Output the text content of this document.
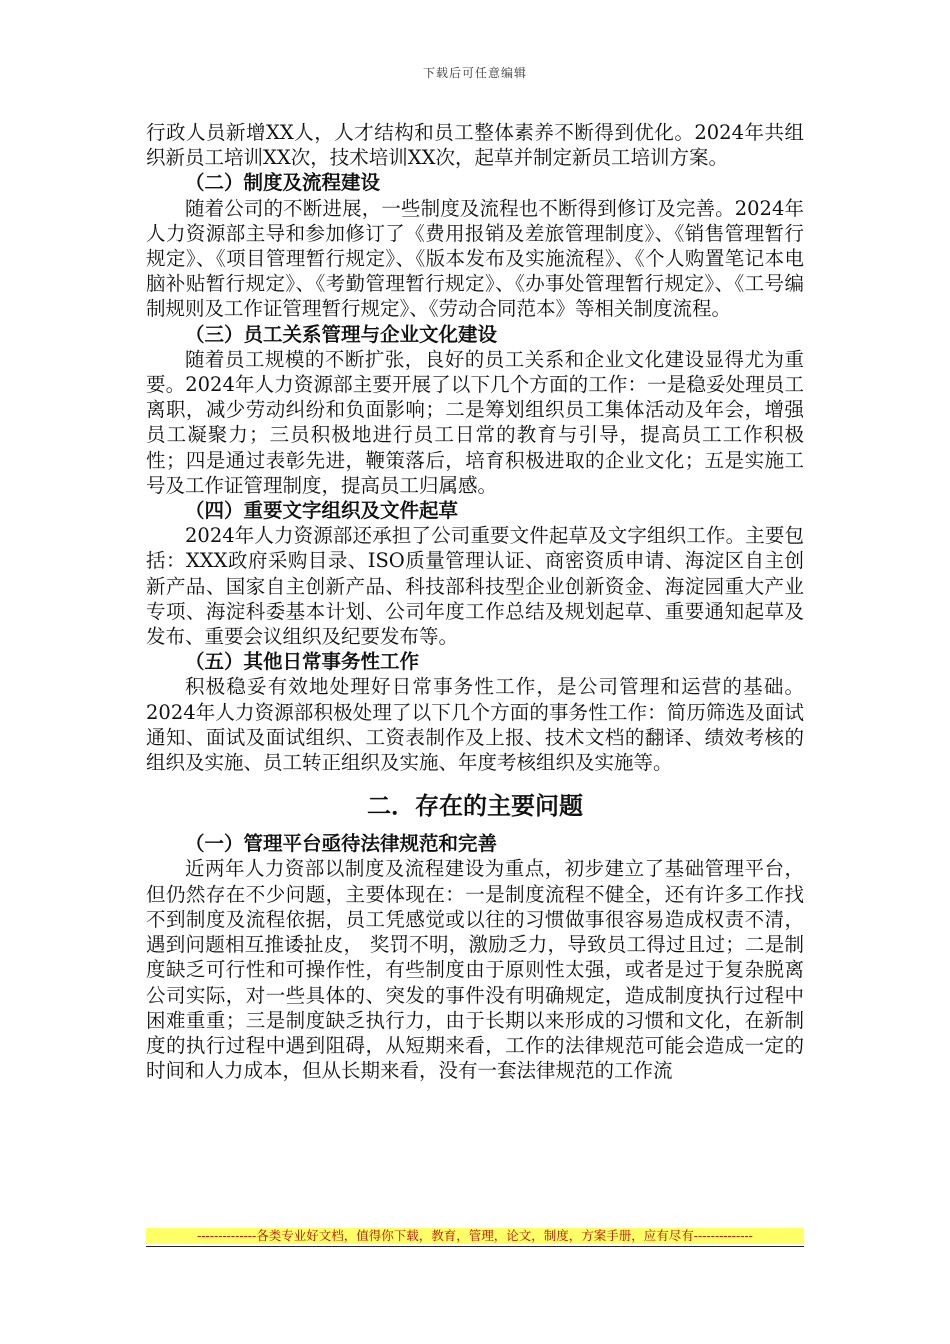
下载后可任意编辑

行政人员新增XX人，人才结构和员工整体素养不断得到优化。2024年共组织新员工培训XX次，技术培训XX次，起草并制定新员工培训方案。

（二）制度及流程建设

随着公司的不断进展，一些制度及流程也不断得到修订及完善。2024年人力资源部主导和参加修订了《费用报销及差旅管理制度》、《销售管理暂行规定》、《项目管理暂行规定》、《版本发布及实施流程》、《个人购置笔记本电脑补贴暂行规定》、《考勤管理暂行规定》、《办事处管理暂行规定》、《工号编制规则及工作证管理暂行规定》、《劳动合同范本》等相关制度流程。

（三）员工关系管理与企业文化建设

随着员工规模的不断扩张，良好的员工关系和企业文化建设显得尤为重要。2024年人力资源部主要开展了以下几个方面的工作：一是稳妥处理员工离职，减少劳动纠纷和负面影响；二是筹划组织员工集体活动及年会，增强员工凝聚力；三员积极地进行员工日常的教育与引导，提高员工工作积极性；四是通过表彰先进，鞭策落后，培育积极进取的企业文化；五是实施工号及工作证管理制度，提高员工归属感。

（四）重要文字组织及文件起草

2024年人力资源部还承担了公司重要文件起草及文字组织工作。主要包括：XXX政府采购目录、ISO质量管理认证、商密资质申请、海淀区自主创新产品、国家自主创新产品、科技部科技型企业创新资金、海淀园重大产业专项、海淀科委基本计划、公司年度工作总结及规划起草、重要通知起草及发布、重要会议组织及纪要发布等。

（五）其他日常事务性工作

积极稳妥有效地处理好日常事务性工作，是公司管理和运营的基础。2024年人力资源部积极处理了以下几个方面的事务性工作：简历筛选及面试通知、面试及面试组织、工资表制作及上报、技术文档的翻译、绩效考核的组织及实施、员工转正组织及实施、年度考核组织及实施等。

二．存在的主要问题
（一）管理平台亟待法律规范和完善

近两年人力资部以制度及流程建设为重点，初步建立了基础管理平台，但仍然存在不少问题，主要体现在：一是制度流程不健全，还有许多工作找不到制度及流程依据，员工凭感觉或以往的习惯做事很容易造成权责不清，遇到问题相互推诿扯皮， 奖罚不明，激励乏力，导致员工得过且过；二是制度缺乏可行性和可操作性，有些制度由于原则性太强，或者是过于复杂脱离公司实际，对一些具体的、突发的事件没有明确规定，造成制度执行过程中困难重重；三是制度缺乏执行力，由于长期以来形成的习惯和文化，在新制度的执行过程中遇到阻碍，从短期来看，工作的法律规范可能会造成一定的时间和人力成本，但从长期来看，没有一套法律规范的工作流

--------------各类专业好文档，值得你下载，教育，管理，论文，制度，方案手册，应有尽有--------------
